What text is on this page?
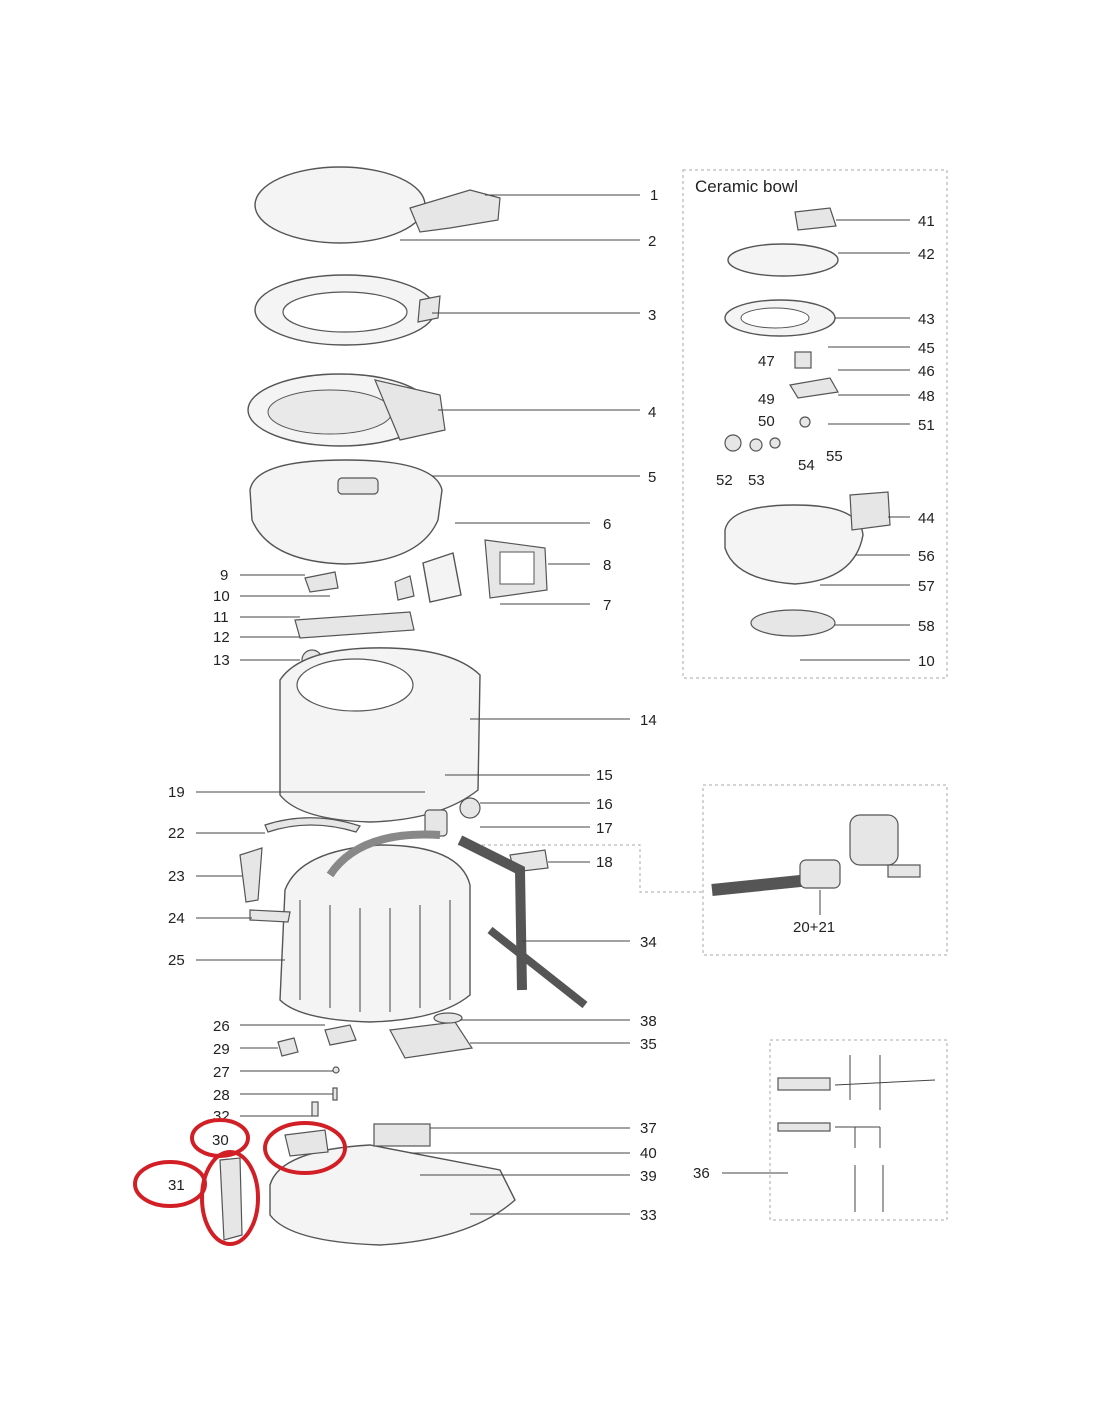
Ceramic bowl
1
2
3
4
5
6
8
7
9
10
11
12
13
14
15
16
17
18
19
22
23
24
25
34
26
29
27
28
32
30
31
38
35
37
40
39
33
36
41
42
43
45
46
48
51
44
56
57
58
10
47
49
50
55
54
52 53
20+21
